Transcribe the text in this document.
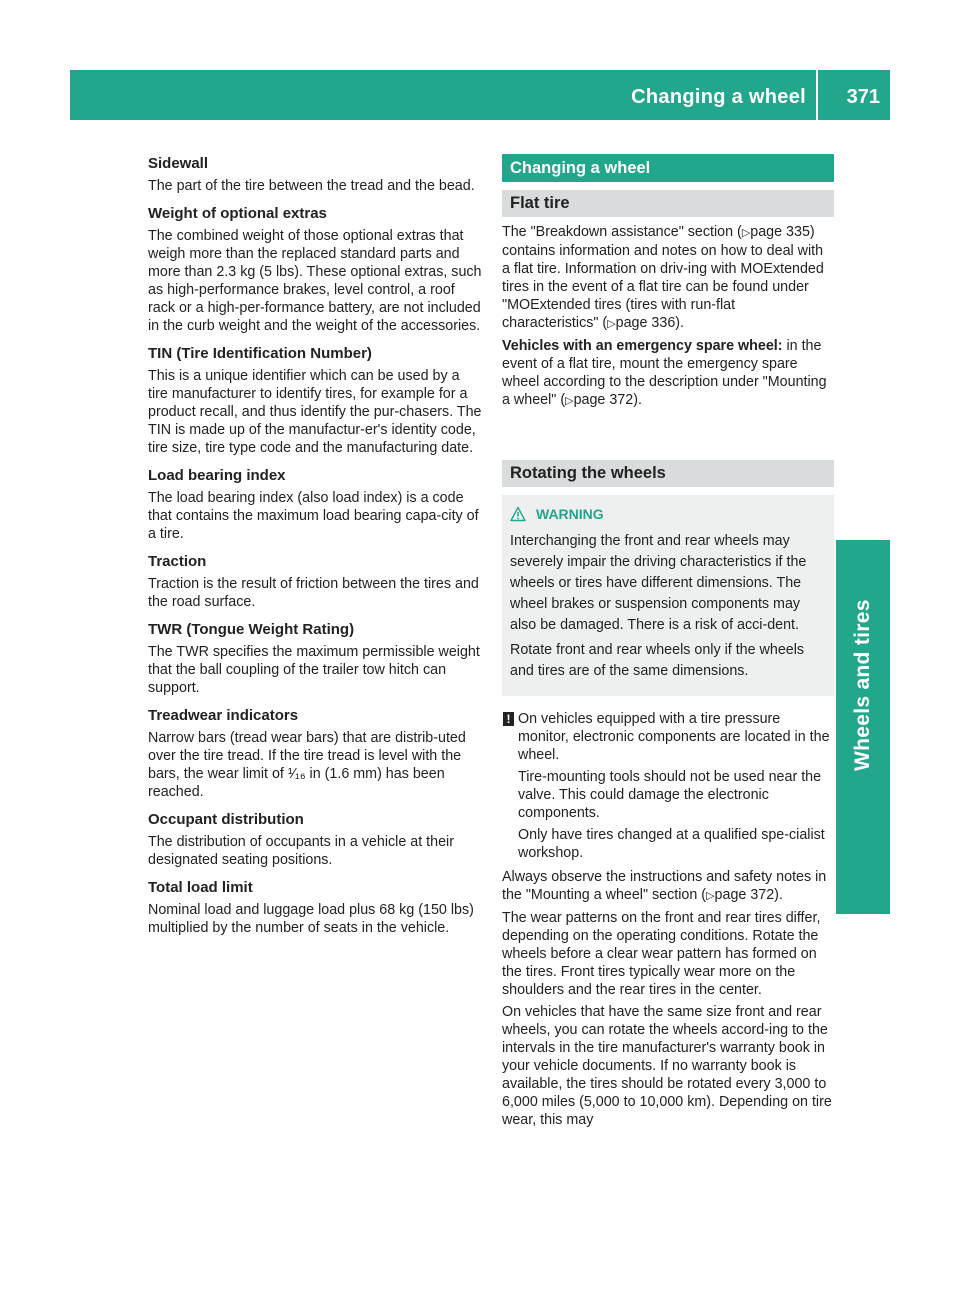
Changing a wheel	371
Wheels and tires
Sidewall
The part of the tire between the tread and the bead.
Weight of optional extras
The combined weight of those optional extras that weigh more than the replaced standard parts and more than 2.3 kg (5 lbs). These optional extras, such as high-performance brakes, level control, a roof rack or a high-per-formance battery, are not included in the curb weight and the weight of the accessories.
TIN (Tire Identification Number)
This is a unique identifier which can be used by a tire manufacturer to identify tires, for example for a product recall, and thus identify the pur-chasers. The TIN is made up of the manufactur-er's identity code, tire size, tire type code and the manufacturing date.
Load bearing index
The load bearing index (also load index) is a code that contains the maximum load bearing capa-city of a tire.
Traction
Traction is the result of friction between the tires and the road surface.
TWR (Tongue Weight Rating)
The TWR specifies the maximum permissible weight that the ball coupling of the trailer tow hitch can support.
Treadwear indicators
Narrow bars (tread wear bars) that are distrib-uted over the tire tread. If the tire tread is level with the bars, the wear limit of ¹⁄₁₆ in (1.6 mm) has been reached.
Occupant distribution
The distribution of occupants in a vehicle at their designated seating positions.
Total load limit
Nominal load and luggage load plus 68 kg (150 lbs) multiplied by the number of seats in the vehicle.
Changing a wheel
Flat tire

The "Breakdown assistance" section (▷page 335) contains information and notes on how to deal with a flat tire. Information on driv-ing with MOExtended tires in the event of a flat tire can be found under "MOExtended tires (tires with run-flat characteristics" (▷page 336).

Vehicles with an emergency spare wheel: in the event of a flat tire, mount the emergency spare wheel according to the description under "Mounting a wheel" (▷page 372).

Rotating the wheels
WARNING

Interchanging the front and rear wheels may severely impair the driving characteristics if the wheels or tires have different dimensions. The wheel brakes or suspension components may also be damaged. There is a risk of acci-dent.

Rotate front and rear wheels only if the wheels and tires are of the same dimensions.

! On vehicles equipped with a tire pressure monitor, electronic components are located in the wheel.

Tire-mounting tools should not be used near the valve. This could damage the electronic components.

Only have tires changed at a qualified spe-cialist workshop.

Always observe the instructions and safety notes in the "Mounting a wheel" section (▷page 372).

The wear patterns on the front and rear tires differ, depending on the operating conditions. Rotate the wheels before a clear wear pattern has formed on the tires. Front tires typically wear more on the shoulders and the rear tires in the center.

On vehicles that have the same size front and rear wheels, you can rotate the wheels accord-ing to the intervals in the tire manufacturer's warranty book in your vehicle documents. If no warranty book is available, the tires should be rotated every 3,000 to 6,000 miles (5,000 to 10,000 km). Depending on tire wear, this may
